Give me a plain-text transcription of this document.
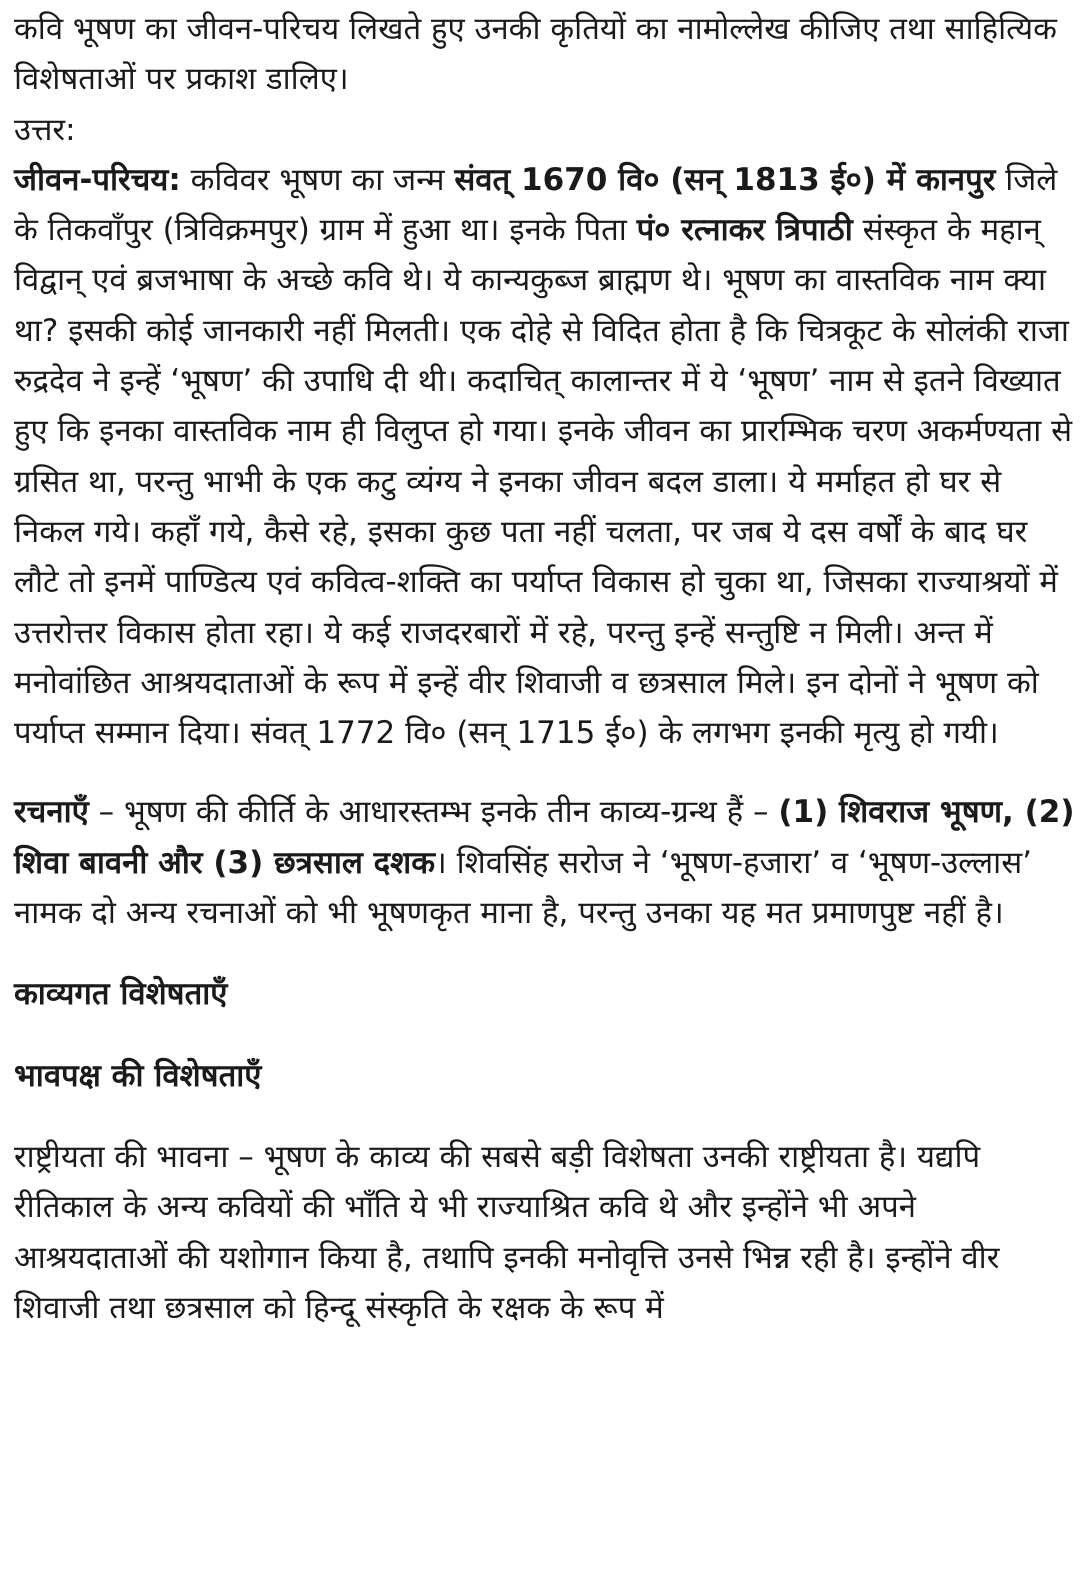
कवि भूषण का जीवन-परिचय लिखते हुए उनकी कृतियों का नामोल्लेख कीजिए तथा साहित्यिक विशेषताओं पर प्रकाश डालिए।

उत्तर:

जीवन-परिचय: कविवर भूषण का जन्म संवत् 1670 वि० (सन् 1813 ई०) में कानपुर जिले के तिकवाँपुर (त्रिविक्रमपुर) ग्राम में हुआ था। इनके पिता पं० रत्नाकर त्रिपाठी संस्कृत के महान् विद्वान् एवं ब्रजभाषा के अच्छे कवि थे। ये कान्यकुब्ज ब्राह्मण थे। भूषण का वास्तविक नाम क्या था? इसकी कोई जानकारी नहीं मिलती। एक दोहे से विदित होता है कि चित्रकूट के सोलंकी राजा रुद्रदेव ने इन्हें ‘भूषण’ की उपाधि दी थी। कदाचित् कालान्तर में ये ‘भूषण’ नाम से इतने विख्यात हुए कि इनका वास्तविक नाम ही विलुप्त हो गया। इनके जीवन का प्रारम्भिक चरण अकर्मण्यता से ग्रसित था, परन्तु भाभी के एक कटु व्यंग्य ने इनका जीवन बदल डाला। ये मर्माहत हो घर से निकल गये। कहाँ गये, कैसे रहे, इसका कुछ पता नहीं चलता, पर जब ये दस वर्षों के बाद घर लौटे तो इनमें पाण्डित्य एवं कवित्व-शक्ति का पर्याप्त विकास हो चुका था, जिसका राज्याश्रयों में उत्तरोत्तर विकास होता रहा। ये कई राजदरबारों में रहे, परन्तु इन्हें सन्तुष्टि न मिली। अन्त में मनोवांछित आश्रयदाताओं के रूप में इन्हें वीर शिवाजी व छत्रसाल मिले। इन दोनों ने भूषण को पर्याप्त सम्मान दिया। संवत् 1772 वि० (सन् 1715 ई०) के लगभग इनकी मृत्यु हो गयी।

रचनाएँ – भूषण की कीर्ति के आधारस्तम्भ इनके तीन काव्य-ग्रन्थ हैं – (1) शिवराज भूषण, (2) शिवा बावनी और (3) छत्रसाल दशक। शिवसिंह सरोज ने ‘भूषण-हजारा’ व ‘भूषण-उल्लास’ नामक दो अन्य रचनाओं को भी भूषणकृत माना है, परन्तु उनका यह मत प्रमाणपुष्ट नहीं है।

काव्यगत विशेषताएँ

भावपक्ष की विशेषताएँ

राष्ट्रीयता की भावना – भूषण के काव्य की सबसे बड़ी विशेषता उनकी राष्ट्रीयता है। यद्यपि रीतिकाल के अन्य कवियों की भाँति ये भी राज्याश्रित कवि थे और इन्होंने भी अपने आश्रयदाताओं की यशोगान किया है, तथापि इनकी मनोवृत्ति उनसे भिन्न रही है। इन्होंने वीर शिवाजी तथा छत्रसाल को हिन्दू संस्कृति के रक्षक के रूप में
